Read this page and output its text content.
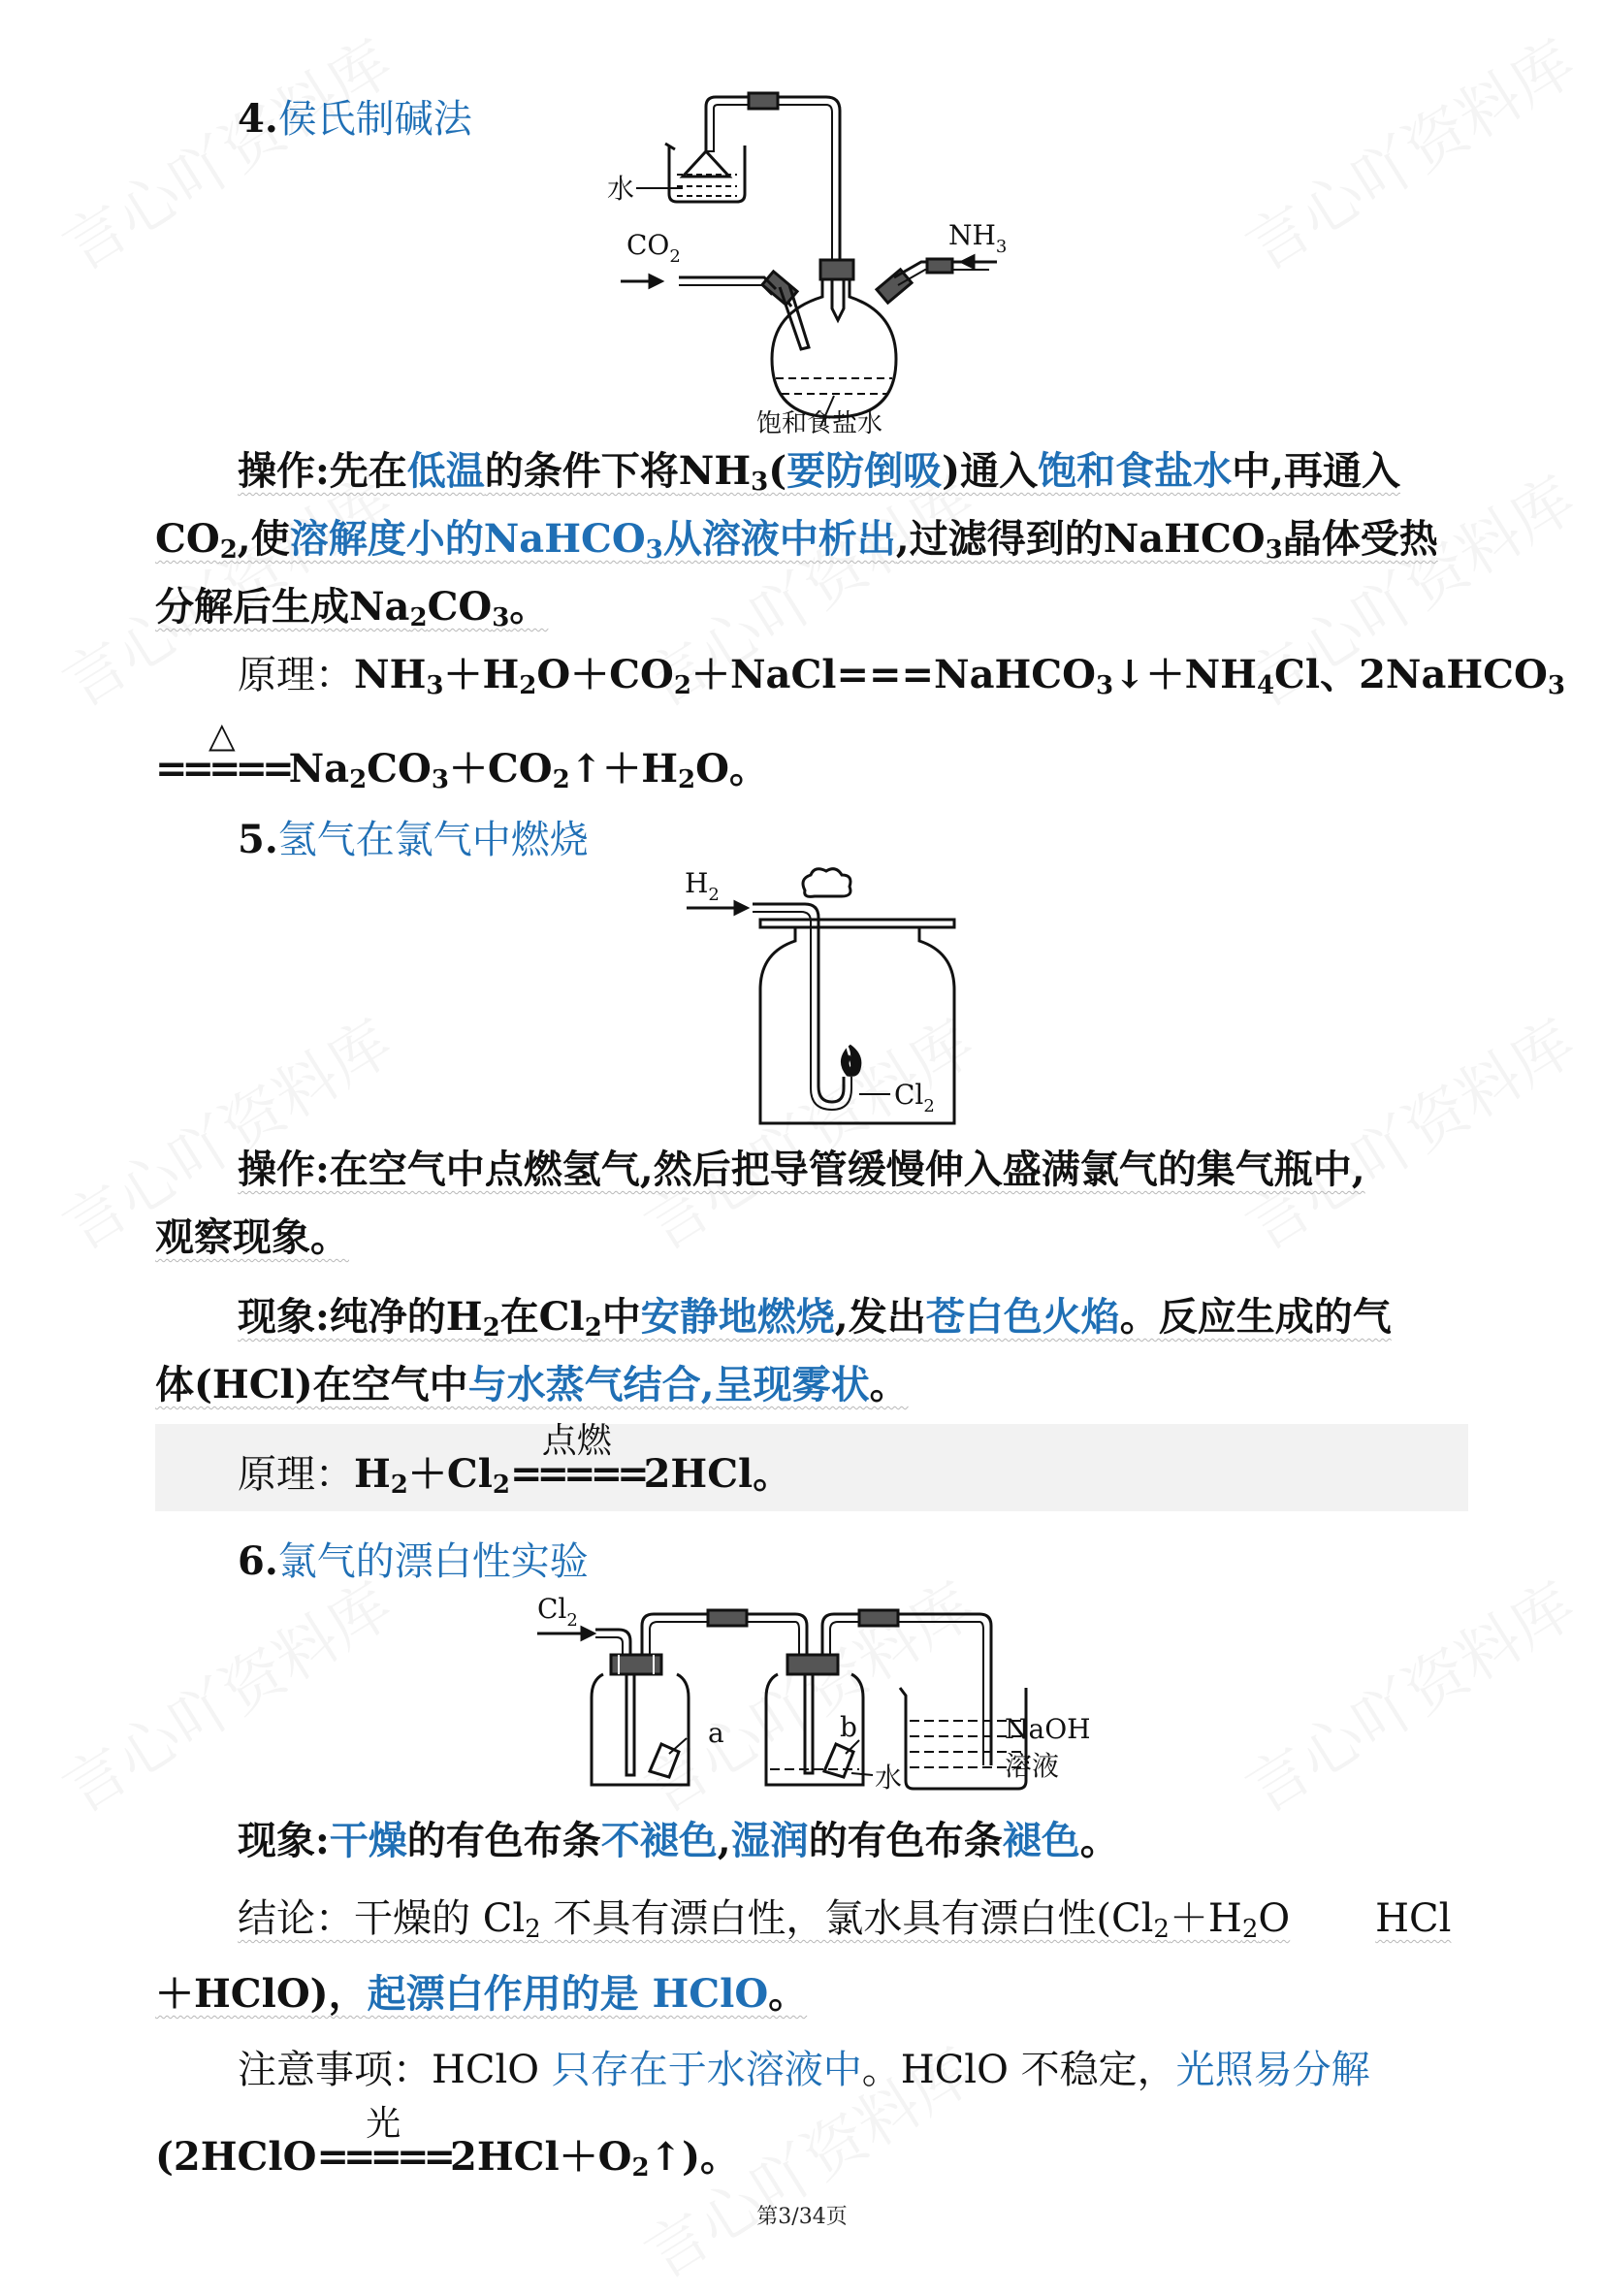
4.侯氏制碱法
水
$CO_2$
$NH_3$
饱和食盐水
操作:先在低温的条件下将$NH_3$(要防倒吸)通入饱和食盐水中,再通入
$CO_2$,使溶解度小的NaHCO$_3$从溶液中析出,过滤得到的NaHCO$_3$晶体受热
分解后生成$Na_2CO_3$。
原理：$NH_3+H_2O+CO_2+NaCl===NaHCO_3↓+NH_4Cl$、2NaHCO$_3$
△
$=====Na_2CO_3+CO_2↑+H_2O$。
5.氢气在氯气中燃烧
$H_2$
$Cl_2$
操作:在空气中点燃氢气,然后把导管缓慢伸入盛满氯气的集气瓶中,
观察现象。
现象:纯净的$H_2$在$Cl_2$中安静地燃烧,发出苍白色火焰。反应生成的气
体(HCl)在空气中与水蒸气结合,呈现雾状。
原理：$H_2+Cl_2$
点燃
=====2HCl。
6.氯气的漂白性实验
$Cl_2$
a	b
水
NaOH
溶液
现象:干燥的有色布条不褪色,湿润的有色布条褪色。
结论：干燥的 $Cl_2$ 不具有漂白性，氯水具有漂白性($Cl_2+H_2O$ HCl
＋HClO)，起漂白作用的是 HClO。
注意事项：HClO 只存在于水溶液中。HClO 不稳定，光照易分解
(2HClO
光
$=====2HCl+O_2↑$)。
第3/34页
